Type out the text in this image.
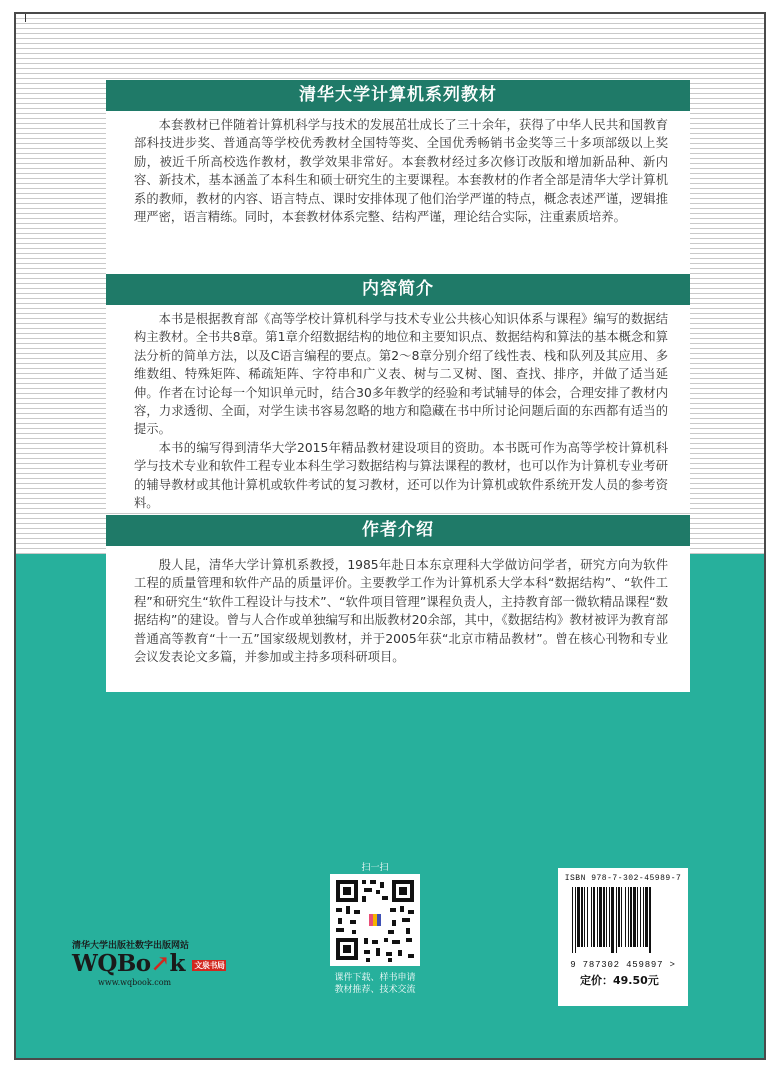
清华大学计算机系列教材

本套教材已伴随着计算机科学与技术的发展茁壮成长了三十余年，获得了中华人民共和国教育部科技进步奖、普通高等学校优秀教材全国特等奖、全国优秀畅销书金奖等三十多项部级以上奖励，被近千所高校选作教材，教学效果非常好。本套教材经过多次修订改版和增加新品种、新内容、新技术，基本涵盖了本科生和硕士研究生的主要课程。本套教材的作者全部是清华大学计算机系的教师，教材的内容、语言特点、课时安排体现了他们治学严谨的特点，概念表述严谨，逻辑推理严密，语言精练。同时，本套教材体系完整、结构严谨，理论结合实际，注重素质培养。

内容简介

本书是根据教育部《高等学校计算机科学与技术专业公共核心知识体系与课程》编写的数据结构主教材。全书共8章。第1章介绍数据结构的地位和主要知识点、数据结构和算法的基本概念和算法分析的简单方法，以及C语言编程的要点。第2～8章分别介绍了线性表、栈和队列及其应用、多维数组、特殊矩阵、稀疏矩阵、字符串和广义表、树与二叉树、图、查找、排序，并做了适当延伸。作者在讨论每一个知识单元时，结合30多年教学的经验和考试辅导的体会，合理安排了教材内容，力求透彻、全面，对学生读书容易忽略的地方和隐藏在书中所讨论问题后面的东西都有适当的提示。

本书的编写得到清华大学2015年精品教材建设项目的资助。本书既可作为高等学校计算机科学与技术专业和软件工程专业本科生学习数据结构与算法课程的教材，也可以作为计算机专业考研的辅导教材或其他计算机或软件考试的复习教材，还可以作为计算机或软件系统开发人员的参考资料。

作者介绍

殷人昆，清华大学计算机系教授，1985年赴日本东京理科大学做访问学者，研究方向为软件工程的质量管理和软件产品的质量评价。主要教学工作为计算机系大学本科“数据结构”、“软件工程”和研究生“软件工程设计与技术”、“软件项目管理”课程负责人，主持教育部一微软精品课程“数据结构”的建设。曾与人合作或单独编写和出版教材20余部，其中，《数据结构》教材被评为教育部普通高等教育“十一五”国家级规划教材，并于2005年获“北京市精品教材”。曾在核心刊物和专业会议发表论文多篇，并参加或主持多项科研项目。

清华大学出版社数字出版网站
WQBo↗k 文泉书局
www.wqbook.com
扫一扫
课件下载、样书申请
教材推荐、技术交流
ISBN 978-7-302-45989-7
9 787302 459897 >
定价：49.50元
